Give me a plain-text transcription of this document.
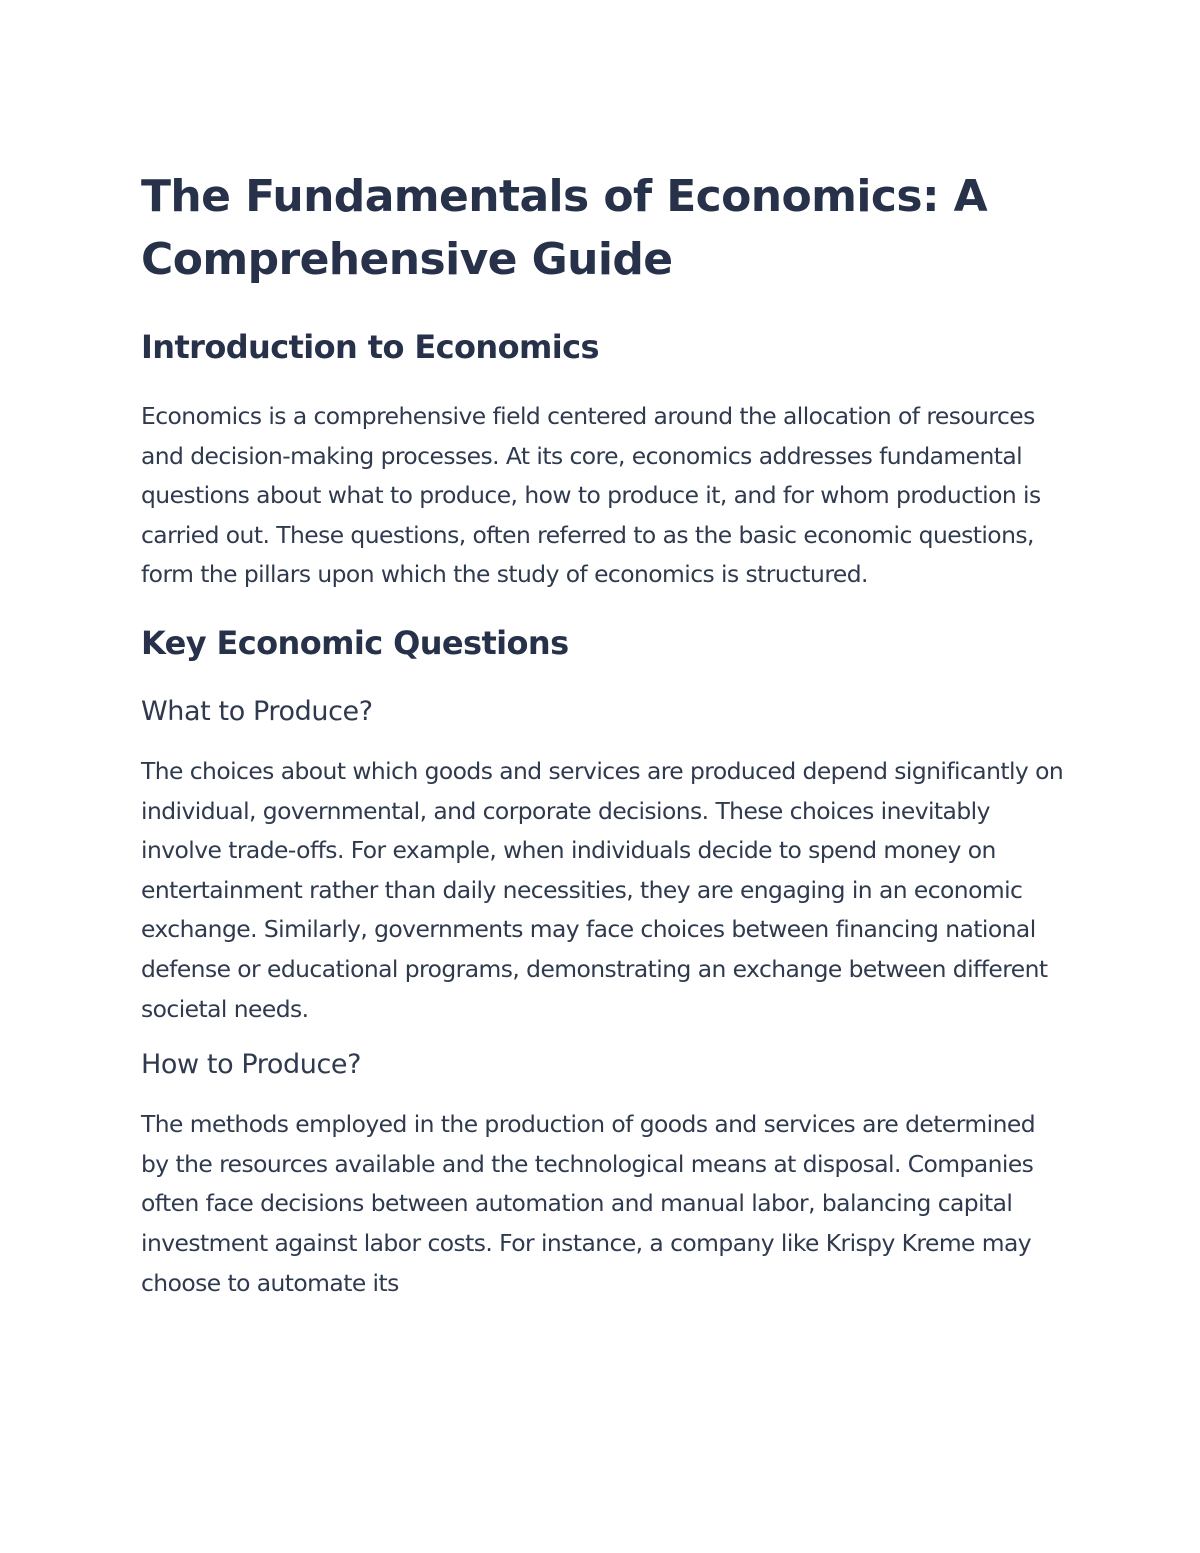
The Fundamentals of Economics: A Comprehensive Guide
Introduction to Economics

Economics is a comprehensive field centered around the allocation of resources and decision-making processes. At its core, economics addresses fundamental questions about what to produce, how to produce it, and for whom production is carried out. These questions, often referred to as the basic economic questions, form the pillars upon which the study of economics is structured.

Key Economic Questions
What to Produce?

The choices about which goods and services are produced depend significantly on individual, governmental, and corporate decisions. These choices inevitably involve trade-offs. For example, when individuals decide to spend money on entertainment rather than daily necessities, they are engaging in an economic exchange. Similarly, governments may face choices between financing national defense or educational programs, demonstrating an exchange between different societal needs.

How to Produce?

The methods employed in the production of goods and services are determined by the resources available and the technological means at disposal. Companies often face decisions between automation and manual labor, balancing capital investment against labor costs. For instance, a company like Krispy Kreme may choose to automate its
